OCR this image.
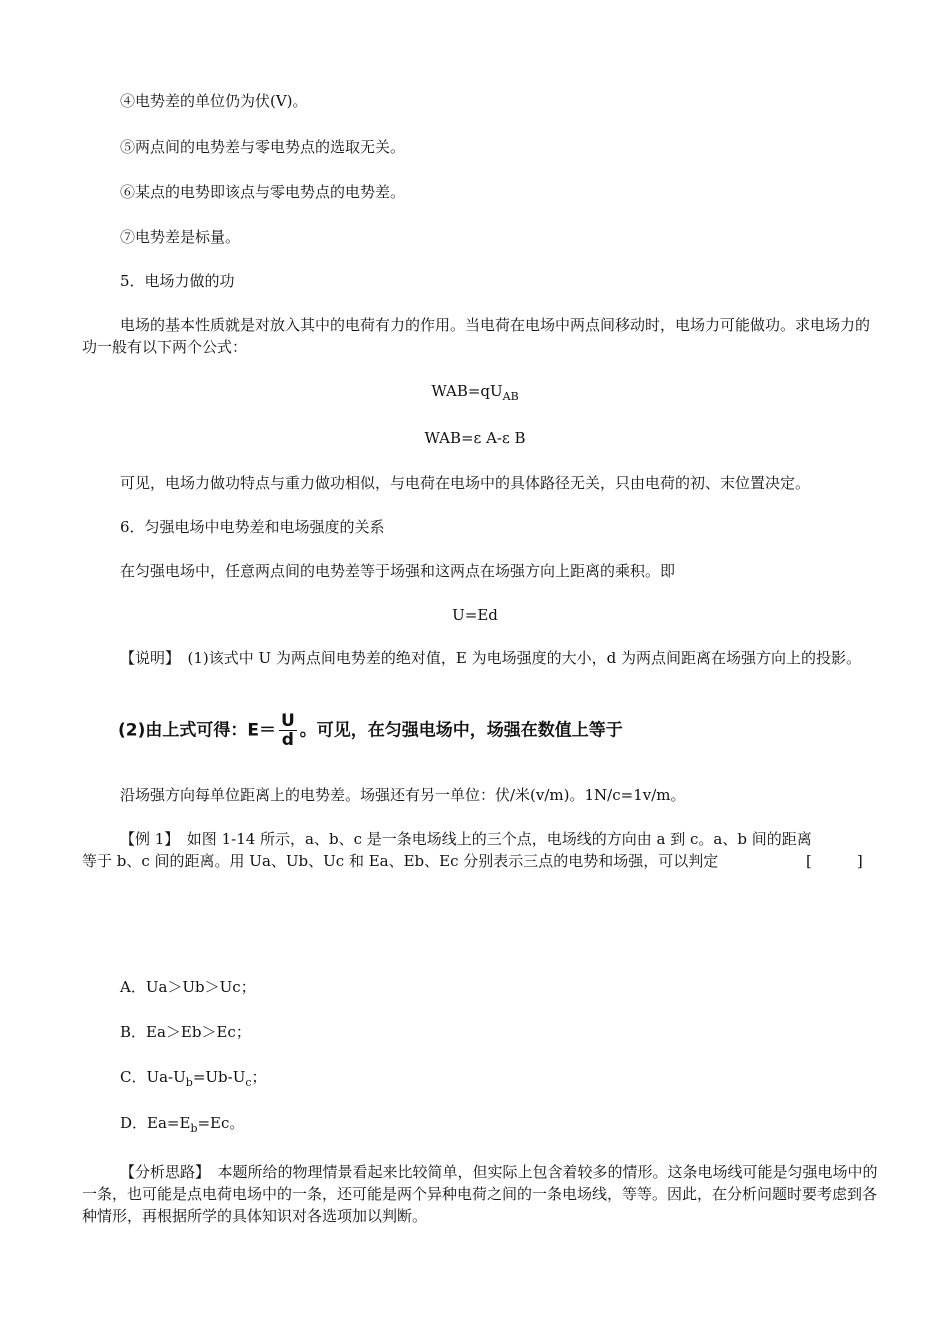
④电势差的单位仍为伏(V)。
⑤两点间的电势差与零电势点的选取无关。
⑥某点的电势即该点与零电势点的电势差。
⑦电势差是标量。
5．电场力做的功
电场的基本性质就是对放入其中的电荷有力的作用。当电荷在电场中两点间移动时，电场力可能做功。求电场力的功一般有以下两个公式：
$WAB=qU_{AB}$
WAB=ε A-ε B
可见，电场力做功特点与重力做功相似，与电荷在电场中的具体路径无关，只由电荷的初、末位置决定。
6．匀强电场中电势差和电场强度的关系
在匀强电场中，任意两点间的电势差等于场强和这两点在场强方向上距离的乘积。即
U=Ed
【说明】　(1)该式中 U 为两点间电势差的绝对值，E 为电场强度的大小，d 为两点间距离在场强方向上的投影。
(2)由上式可得：$E= \frac{U}{d}$ 。可见，在匀强电场中，场强在数值上等于
沿场强方向每单位距离上的电势差。场强还有另一单位：伏/米(v/m)。1N/c=1v/m。
【例 1】　如图 1-14 所示，a、b、c 是一条电场线上的三个点，电场线的方向由 a 到 c。a、b 间的距离
等于 b、c 间的距离。用 Ua、Ub、Uc 和 Ea、Eb、Ec 分别表示三点的电势和场强，可以判定	[　　　]
A．Ua＞Ub＞Uc；
B．Ea＞Eb＞Ec；
C．$Ua-U_b=Ub-U_c$；
D．$Ea=E_b=Ec$。
【分析思路】　本题所给的物理情景看起来比较简单，但实际上包含着较多的情形。这条电场线可能是匀强电场中的一条，也可能是点电荷电场中的一条，还可能是两个异种电荷之间的一条电场线，等等。因此，在分析问题时要考虑到各种情形，再根据所学的具体知识对各选项加以判断。
